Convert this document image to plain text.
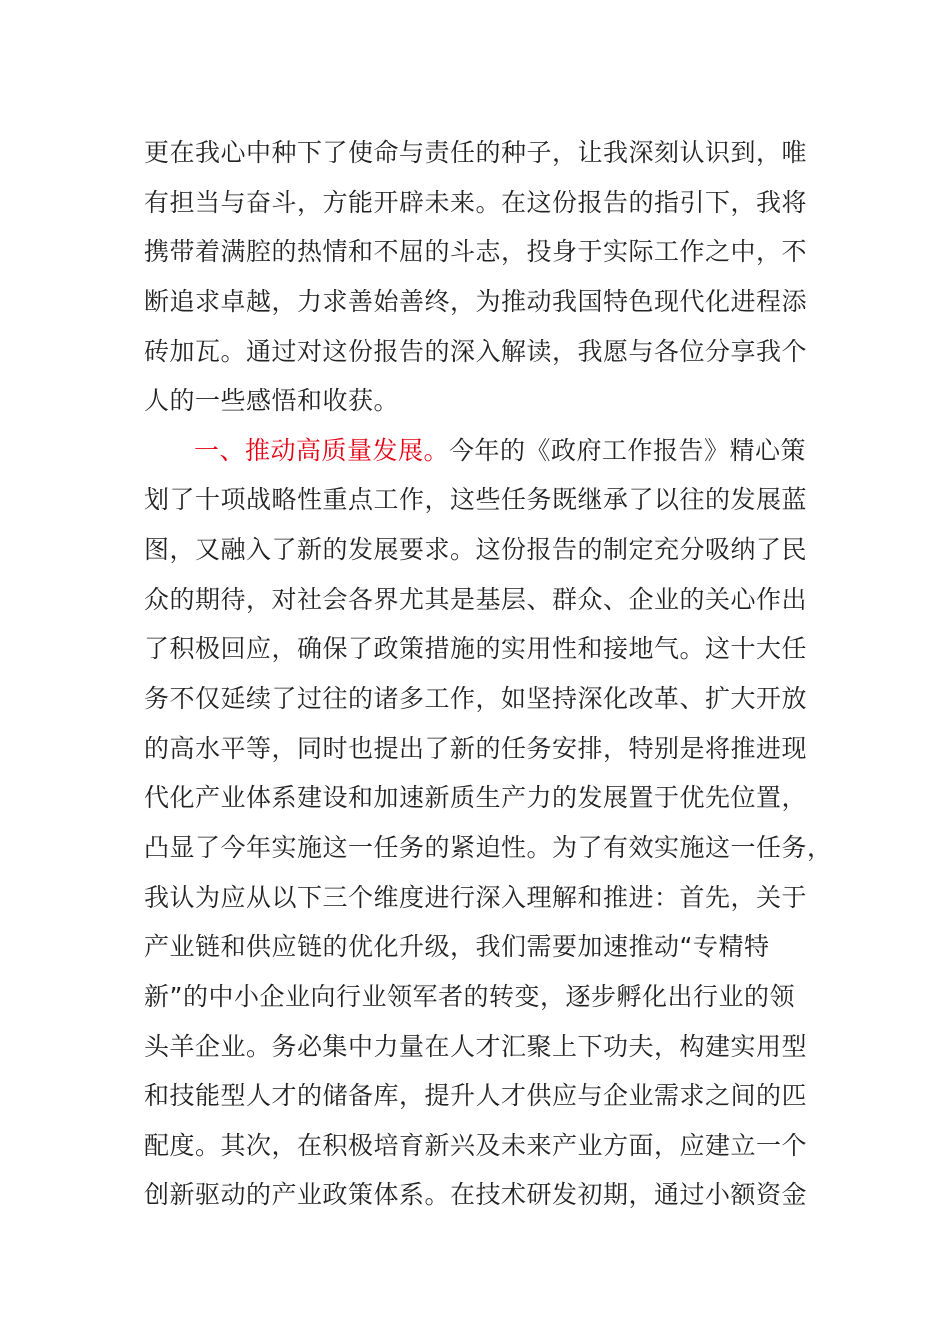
更在我心中种下了使命与责任的种子，让我深刻认识到，唯
有担当与奋斗，方能开辟未来。在这份报告的指引下，我将
携带着满腔的热情和不屈的斗志，投身于实际工作之中，不
断追求卓越，力求善始善终，为推动我国特色现代化进程添
砖加瓦。通过对这份报告的深入解读，我愿与各位分享我个
人的一些感悟和收获。
一、推动高质量发展。今年的《政府工作报告》精心策
划了十项战略性重点工作，这些任务既继承了以往的发展蓝
图，又融入了新的发展要求。这份报告的制定充分吸纳了民
众的期待，对社会各界尤其是基层、群众、企业的关心作出
了积极回应，确保了政策措施的实用性和接地气。这十大任
务不仅延续了过往的诸多工作，如坚持深化改革、扩大开放
的高水平等，同时也提出了新的任务安排，特别是将推进现
代化产业体系建设和加速新质生产力的发展置于优先位置，
凸显了今年实施这一任务的紧迫性。为了有效实施这一任务，
我认为应从以下三个维度进行深入理解和推进：首先，关于
产业链和供应链的优化升级，我们需要加速推动“专精特
新”的中小企业向行业领军者的转变，逐步孵化出行业的领
头羊企业。务必集中力量在人才汇聚上下功夫，构建实用型
和技能型人才的储备库，提升人才供应与企业需求之间的匹
配度。其次，在积极培育新兴及未来产业方面，应建立一个
创新驱动的产业政策体系。在技术研发初期，通过小额资金
